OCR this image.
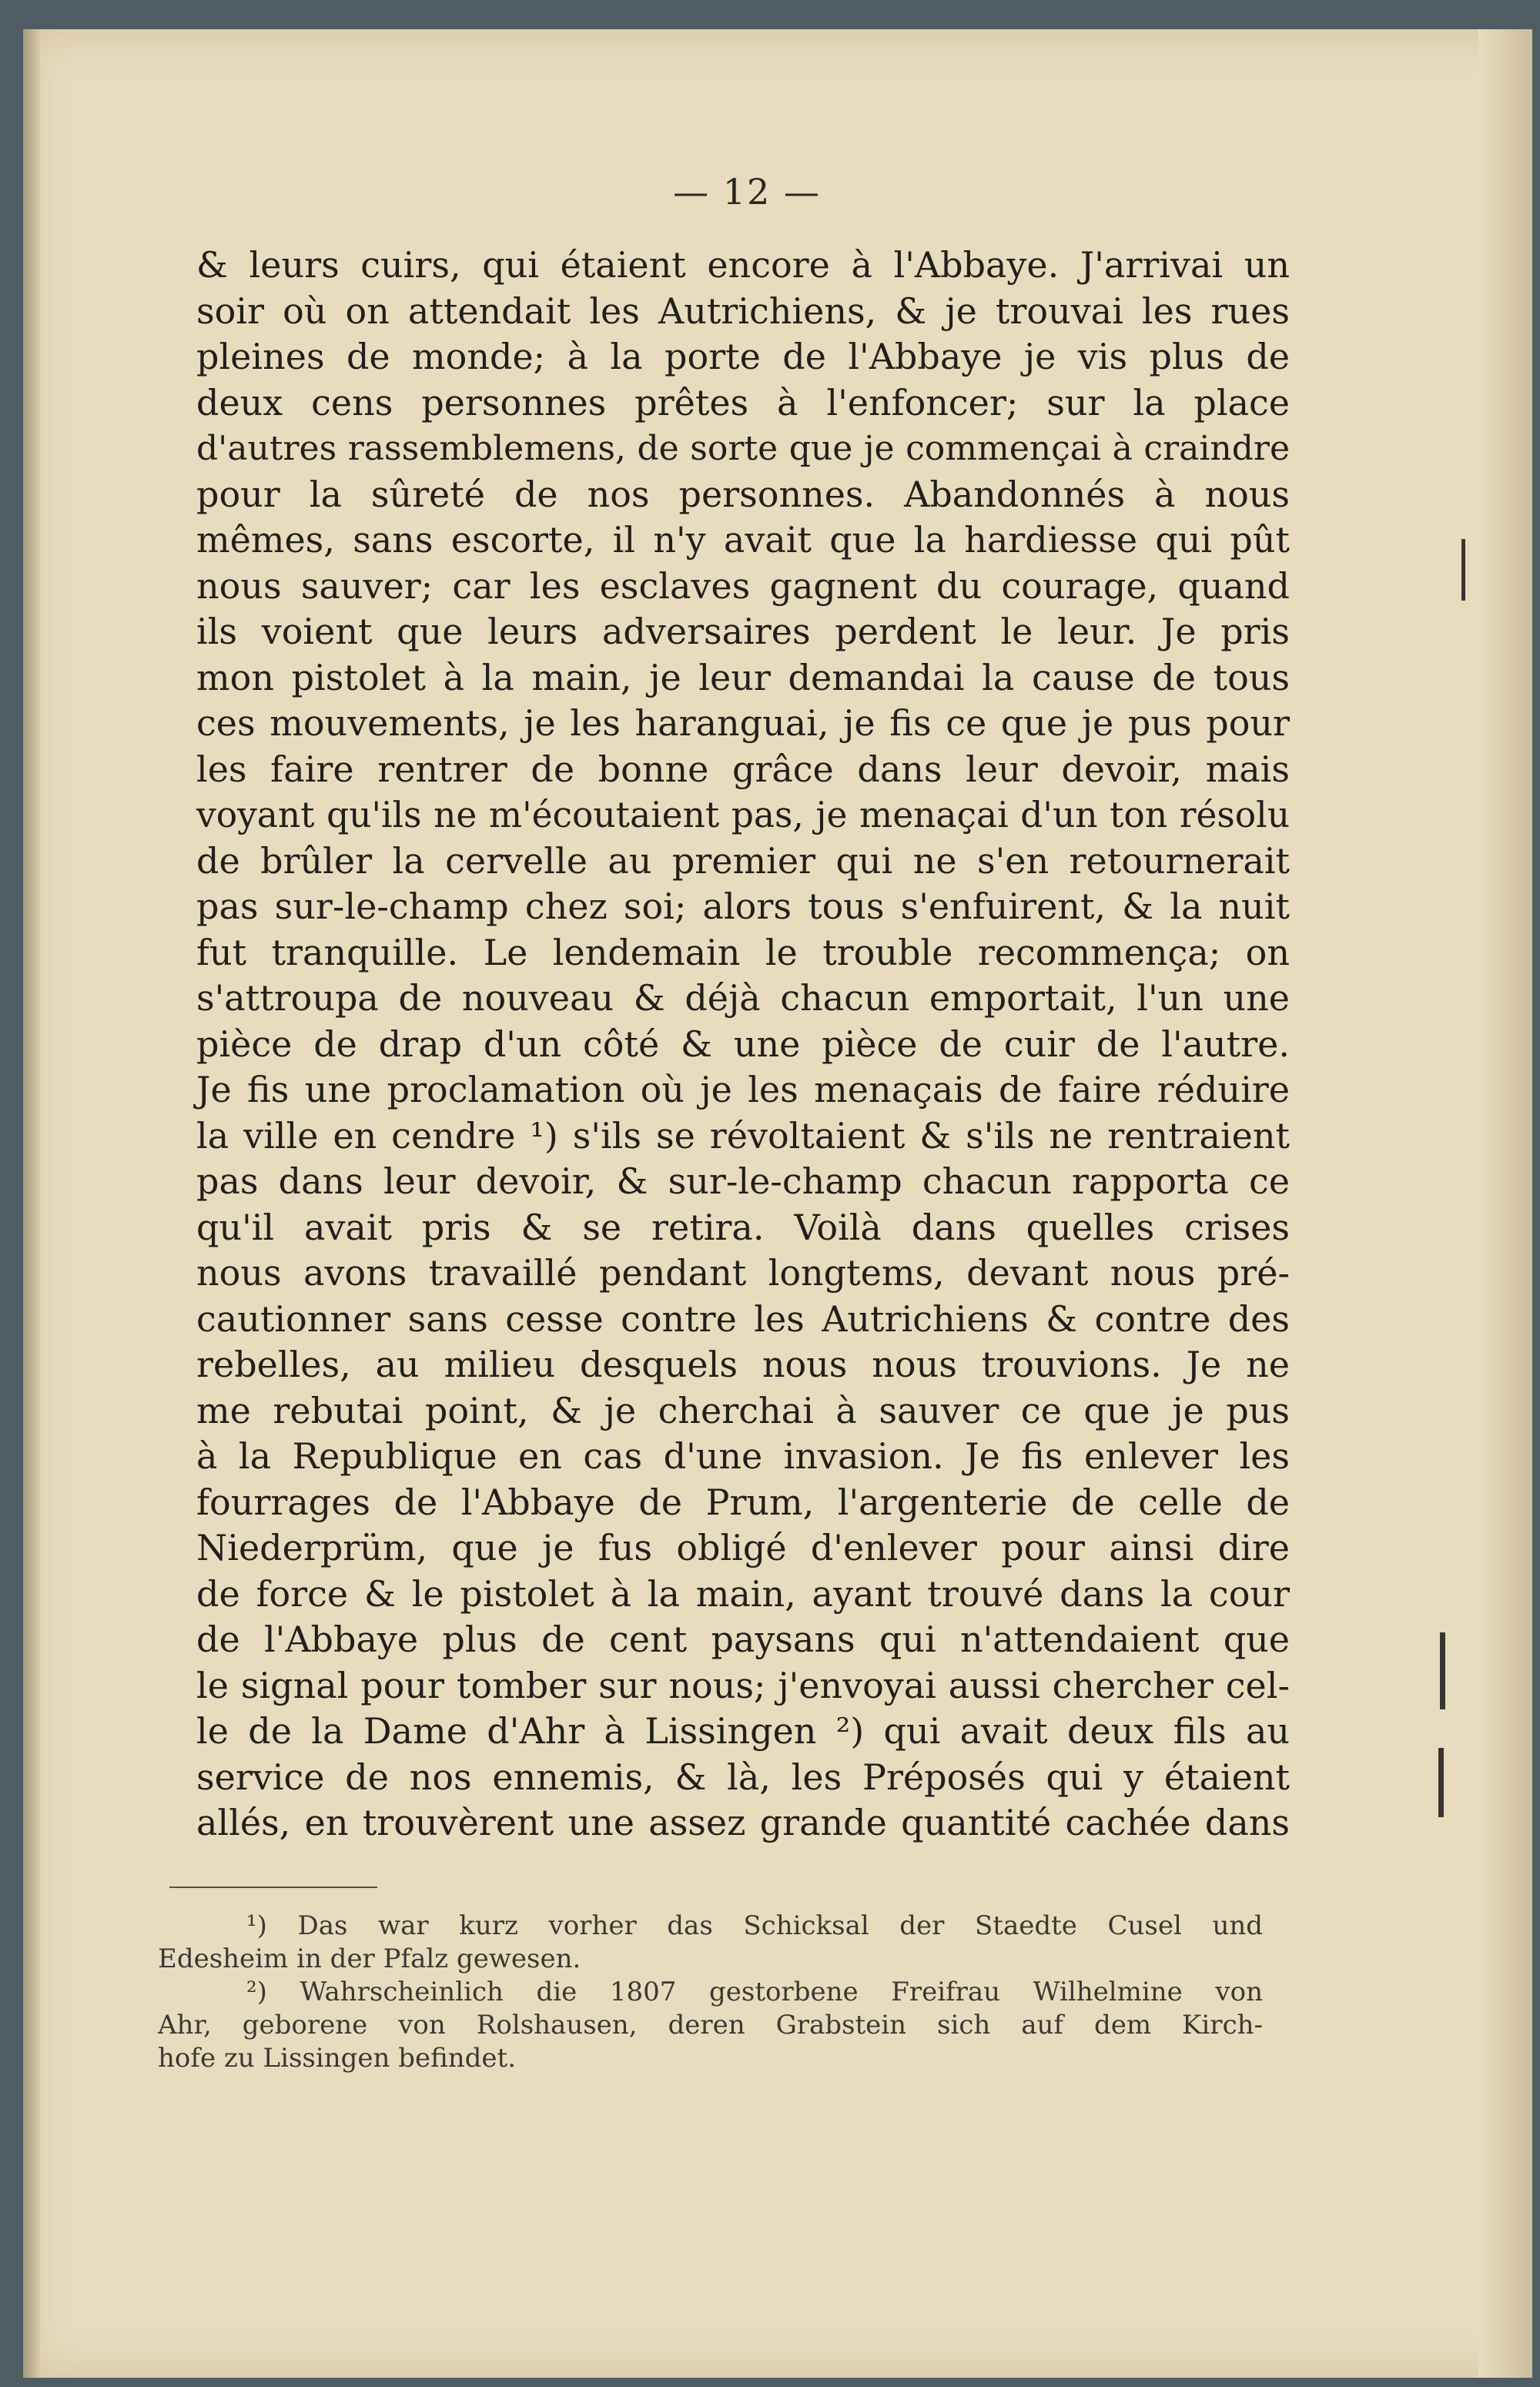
— 12 —
& leurs cuirs, qui étaient encore à l'Abbaye. J'arrivai un
soir où on attendait les Autrichiens, & je trouvai les rues
pleines de monde; à la porte de l'Abbaye je vis plus de
deux cens personnes prêtes à l'enfoncer; sur la place
d'autres rassemblemens, de sorte que je commençai à craindre
pour la sûreté de nos personnes. Abandonnés à nous
mêmes, sans escorte, il n'y avait que la hardiesse qui pût
nous sauver; car les esclaves gagnent du courage, quand
ils voient que leurs adversaires perdent le leur. Je pris
mon pistolet à la main, je leur demandai la cause de tous
ces mouvements, je les haranguai, je fis ce que je pus pour
les faire rentrer de bonne grâce dans leur devoir, mais
voyant qu'ils ne m'écoutaient pas, je menaçai d'un ton résolu
de brûler la cervelle au premier qui ne s'en retournerait
pas sur-le-champ chez soi; alors tous s'enfuirent, & la nuit
fut tranquille. Le lendemain le trouble recommença; on
s'attroupa de nouveau & déjà chacun emportait, l'un une
pièce de drap d'un côté & une pièce de cuir de l'autre.
Je fis une proclamation où je les menaçais de faire réduire
la ville en cendre ¹) s'ils se révoltaient & s'ils ne rentraient
pas dans leur devoir, & sur-le-champ chacun rapporta ce
qu'il avait pris & se retira. Voilà dans quelles crises
nous avons travaillé pendant longtems, devant nous pré-
cautionner sans cesse contre les Autrichiens & contre des
rebelles, au milieu desquels nous nous trouvions. Je ne
me rebutai point, & je cherchai à sauver ce que je pus
à la Republique en cas d'une invasion. Je fis enlever les
fourrages de l'Abbaye de Prum, l'argenterie de celle de
Niederprüm, que je fus obligé d'enlever pour ainsi dire
de force & le pistolet à la main, ayant trouvé dans la cour
de l'Abbaye plus de cent paysans qui n'attendaient que
le signal pour tomber sur nous; j'envoyai aussi chercher cel-
le de la Dame d'Ahr à Lissingen ²) qui avait deux fils au
service de nos ennemis, & là, les Préposés qui y étaient
allés, en trouvèrent une assez grande quantité cachée dans
¹) Das war kurz vorher das Schicksal der Staedte Cusel und
Edesheim in der Pfalz gewesen.
²) Wahrscheinlich die 1807 gestorbene Freifrau Wilhelmine von
Ahr, geborene von Rolshausen, deren Grabstein sich auf dem Kirch-
hofe zu Lissingen befindet.
